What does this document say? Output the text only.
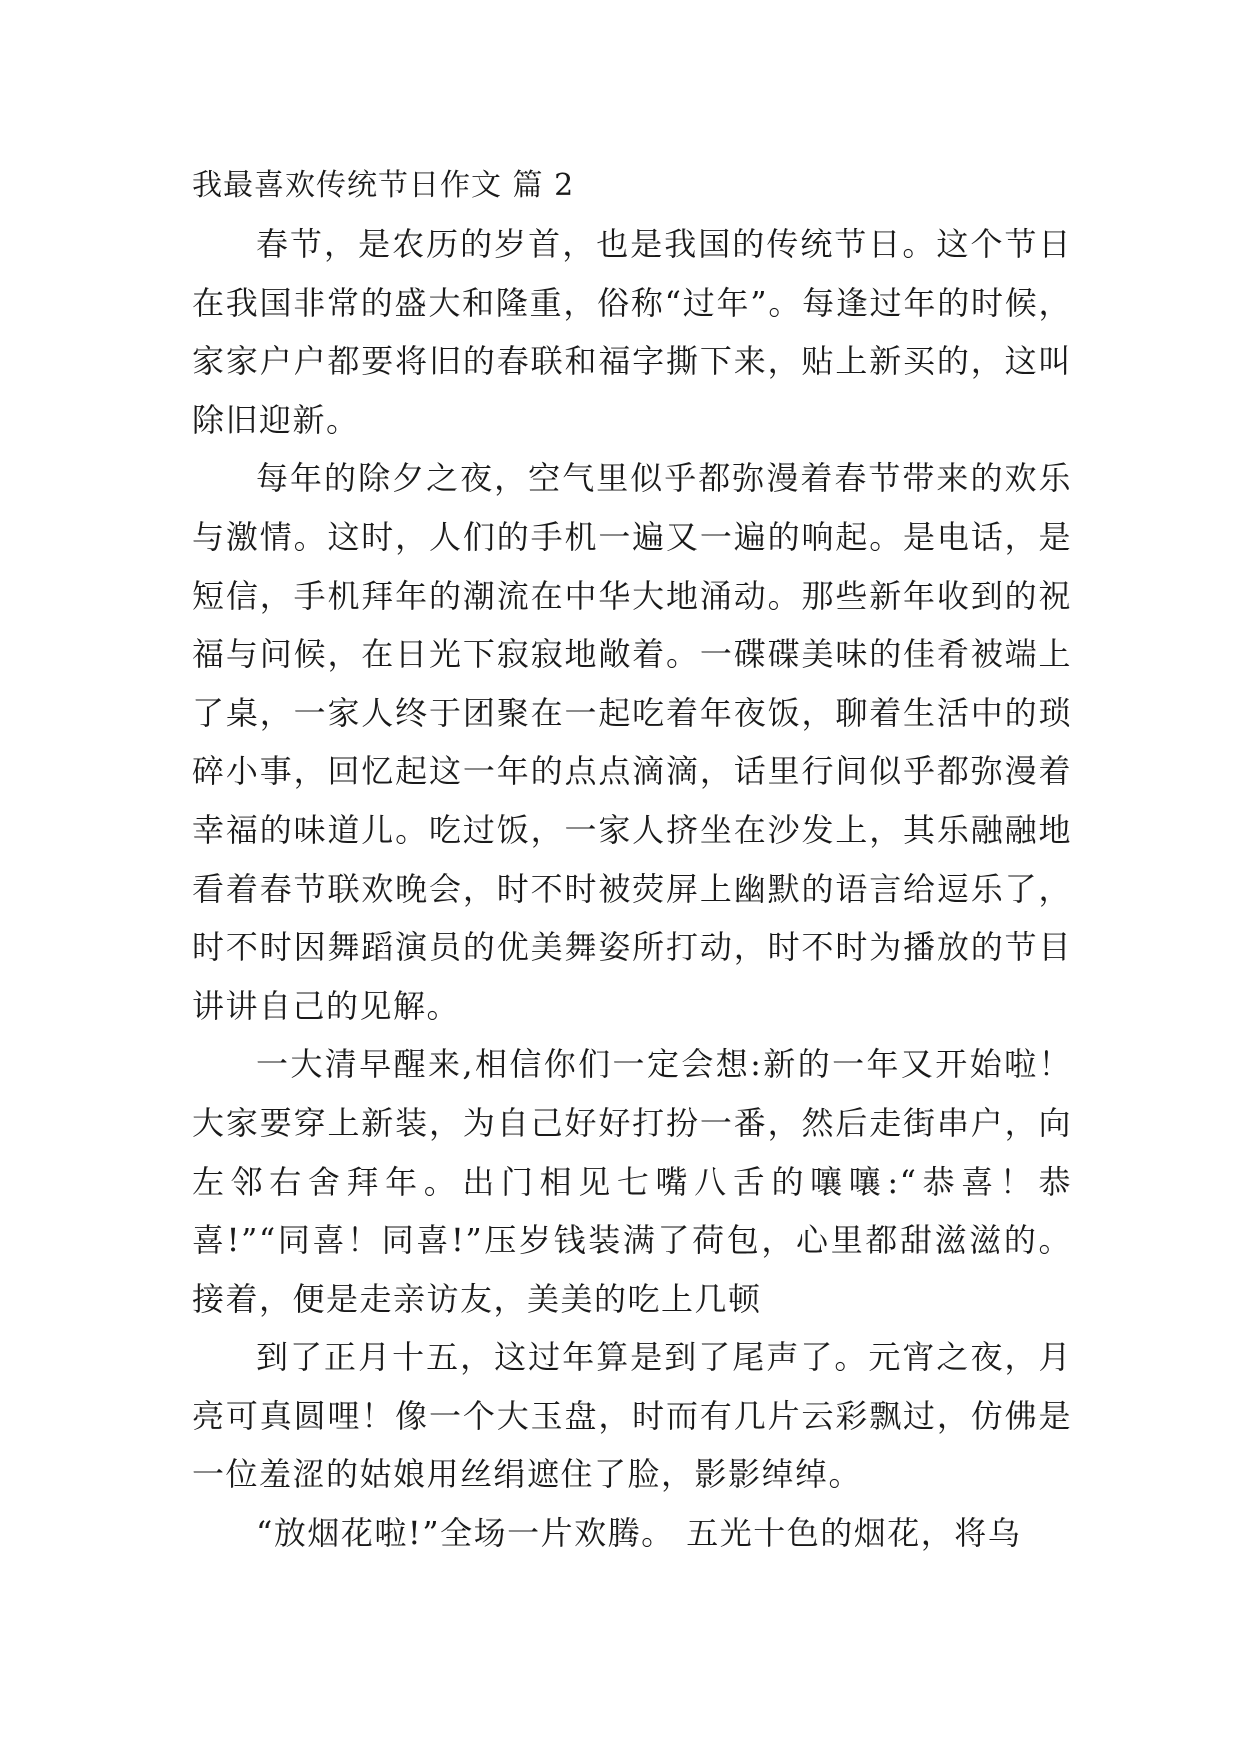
我最喜欢传统节日作文 篇 2

春节，是农历的岁首，也是我国的传统节日。这个节日在我国非常的盛大和隆重，俗称“过年”。每逢过年的时候，家家户户都要将旧的春联和福字撕下来，贴上新买的，这叫除旧迎新。

每年的除夕之夜，空气里似乎都弥漫着春节带来的欢乐与激情。这时，人们的手机一遍又一遍的响起。是电话，是短信，手机拜年的潮流在中华大地涌动。那些新年收到的祝福与问候，在日光下寂寂地敞着。一碟碟美味的佳肴被端上了桌，一家人终于团聚在一起吃着年夜饭，聊着生活中的琐碎小事，回忆起这一年的点点滴滴，话里行间似乎都弥漫着幸福的味道儿。吃过饭，一家人挤坐在沙发上，其乐融融地看着春节联欢晚会，时不时被荧屏上幽默的语言给逗乐了，时不时因舞蹈演员的优美舞姿所打动，时不时为播放的节目讲讲自己的见解。

一大清早醒来,相信你们一定会想:新的一年又开始啦！大家要穿上新装，为自己好好打扮一番，然后走街串户，向左邻右舍拜年。出门相见七嘴八舌的嚷嚷:“恭喜！恭喜!”“同喜！同喜!”压岁钱装满了荷包，心里都甜滋滋的。接着，便是走亲访友，美美的吃上几顿

到了正月十五，这过年算是到了尾声了。元宵之夜，月亮可真圆哩！像一个大玉盘，时而有几片云彩飘过，仿佛是一位羞涩的姑娘用丝绢遮住了脸，影影绰绰。

“放烟花啦!”全场一片欢腾。 五光十色的烟花，将乌
